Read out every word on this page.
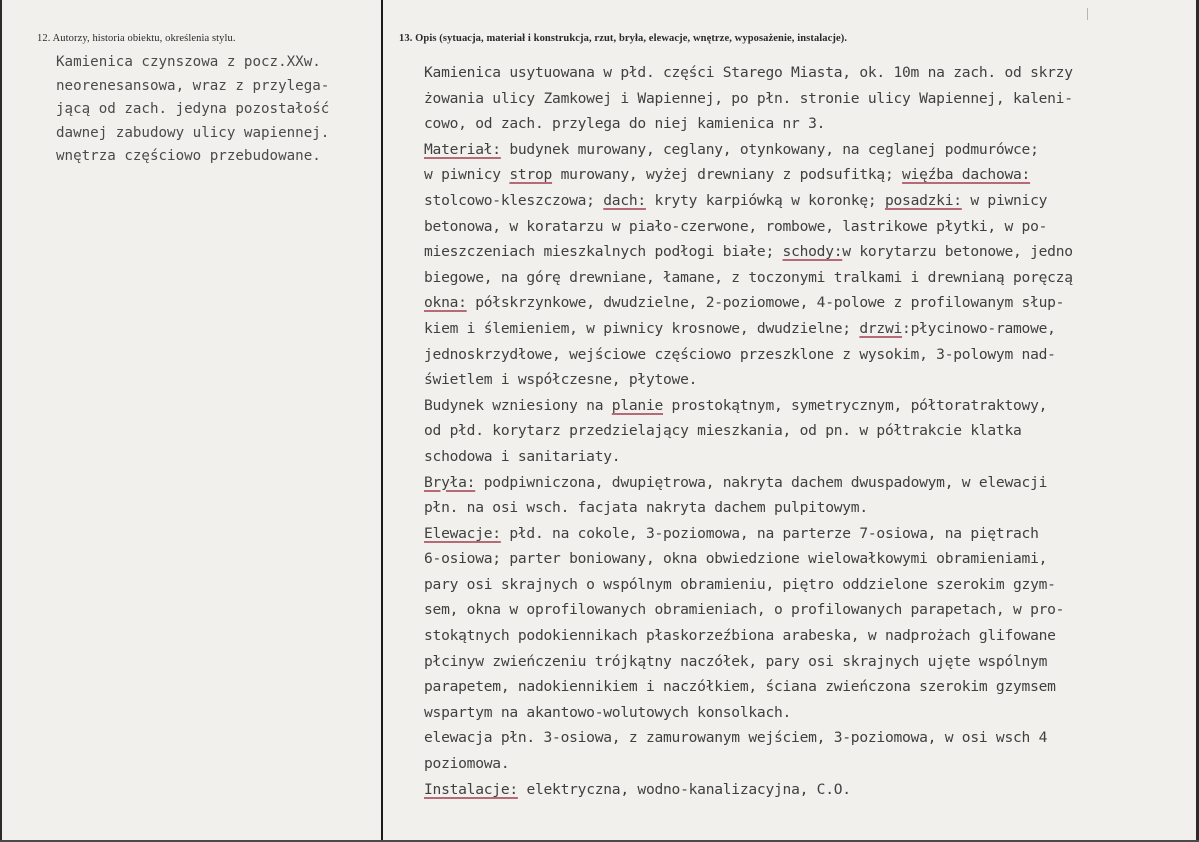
12. Autorzy, historia obiektu, określenia stylu.	13. Opis (sytuacja, materiał i konstrukcja, rzut, bryła, elewacje, wnętrze, wyposażenie, instalacje).
Kamienica czynszowa z pocz.XXw.
neorenesansowa, wraz z przylega-
jącą od zach. jedyna pozostałość
dawnej zabudowy ulicy wapiennej.
wnętrza częściowo przebudowane.
Kamienica usytuowana w płd. części Starego Miasta, ok. 10m na zach. od skrzy
żowania ulicy Zamkowej i Wapiennej, po płn. stronie ulicy Wapiennej, kaleni-
cowo, od zach. przylega do niej kamienica nr 3.
Materiał: budynek murowany, ceglany, otynkowany, na ceglanej podmurówce;
w piwnicy strop murowany, wyżej drewniany z podsufitką; więźba dachowa:
stolcowo-kleszczowa; dach: kryty karpiówką w koronkę; posadzki: w piwnicy
betonowa, w koratarzu w piało-czerwone, rombowe, lastrikowe płytki, w po-
mieszczeniach mieszkalnych podłogi białe; schody:w korytarzu betonowe, jedno
biegowe, na górę drewniane, łamane, z toczonymi tralkami i drewnianą poręczą
okna: półskrzynkowe, dwudzielne, 2-poziomowe, 4-polowe z profilowanym słup-
kiem i ślemieniem, w piwnicy krosnowe, dwudzielne; drzwi:płycinowo-ramowe,
jednoskrzydłowe, wejściowe częściowo przeszklone z wysokim, 3-polowym nad-
świetlem i współczesne, płytowe.
Budynek wzniesiony na planie prostokątnym, symetrycznym, półtoratraktowy,
od płd. korytarz przedzielający mieszkania, od pn. w półtrakcie klatka
schodowa i sanitariaty.
Bryła: podpiwniczona, dwupiętrowa, nakryta dachem dwuspadowym, w elewacji
płn. na osi wsch. facjata nakryta dachem pulpitowym.
Elewacje: płd. na cokole, 3-poziomowa, na parterze 7-osiowa, na piętrach
6-osiowa; parter boniowany, okna obwiedzione wielowałkowymi obramieniami,
pary osi skrajnych o wspólnym obramieniu, piętro oddzielone szerokim gzym-
sem, okna w oprofilowanych obramieniach, o profilowanych parapetach, w pro-
stokątnych podokiennikach płaskorzeźbiona arabeska, w nadprożach glifowane
płcinyw zwieńczeniu trójkątny naczółek, pary osi skrajnych ujęte wspólnym
parapetem, nadokiennikiem i naczółkiem, ściana zwieńczona szerokim gzymsem
wspartym na akantowo-wolutowych konsolkach.
elewacja płn. 3-osiowa, z zamurowanym wejściem, 3-poziomowa, w osi wsch 4
poziomowa.
Instalacje: elektryczna, wodno-kanalizacyjna, C.O.
